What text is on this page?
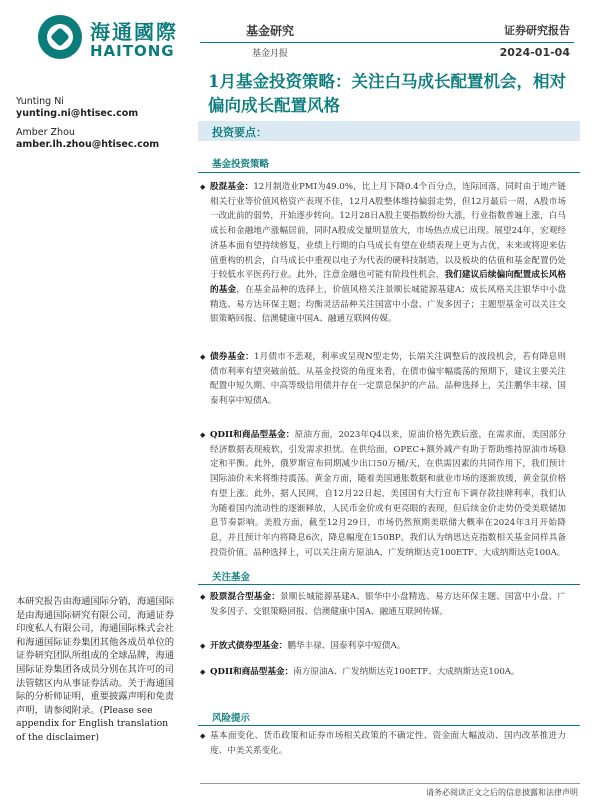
海通國際
HAITONG
基金研究
基金月报
证券研究报告
2024-01-04
1月基金投资策略：关注白马成长配置机会，相对偏向成长配置风格
Yunting Ni
yunting.ni@htisec.com
Amber Zhou
amber.lh.zhou@htisec.com
投资要点：
基金投资策略
◆ 股混基金：12月制造业PMI为49.0%，比上月下降0.4个百分点，连际回落，同时由于地产链相关行业等价值风格资产表现不佳，12月A股整体维持偏弱走势，但12月最后一周，A股市场一改此前的弱势，开始逐步转向。12月28日A股主要指数纷纷大涨，行业指数普遍上涨，白马成长和金融地产涨幅居前，同时A股成交量明显放大，市场热点成已出现。展望24年，宏观经济基本面有望持续修复，业绩上行期的白马成长有望在业绩表现上更为占优，未来或将迎来估值重构的机会，白马成长中重视以电子为代表的硬科技制造，以及板块的估值和基金配置仍处于较低水平医药行业。此外，注意金融也可能有阶段性机会，我们建议后续偏向配置成长风格的基金，在基金品种的选择上，价值风格关注景顺长城能源基建A；成长风格关注银华中小盘精选、易方达环保主题；均衡灵活品种关注国富中小盘、广发多因子；主题型基金可以关注交银策略回报、信澳健康中国A、融通互联网传媒。
◆ 债券基金：1月债市不悲观，利率或呈现N型走势，长端关注调整后的波段机会，若有降息则债市利率有望突破前低。从基金投资的角度来看，在债市偏牢幅震荡的预期下，建议主要关注配置中短久期、中高等级信用债并存在一定票息保护的产品。品种选择上，关注鹏华丰禄、国泰利享中短债A。
◆ QDII和商品型基金：原油方面，2023年Q4以来，原油价格先跌后涨，在需求面，美国部分经济数据表现疲软，引发需求担忧。在供给面，OPEC+额外减产有助于帮助维持原油市场稳定和平衡。此外，俄罗斯宣布同期减少出口50万桶/天，在供需因素的共同作用下，我们预计国际油价未来将维持震荡。黄金方面，随着美国通胀数据和就业市场的逐渐放缓，黄金氛价格有望上涨。此外，据人民网，自12月22日起，美国国有大行宣布下调存款挂牌利率，我们认为随着国内流动性的逐渐释放，人民币金价或有更亮眼的表现，但后续金价走势仍受美联储加息节奏影响。美股方面，截至12月29日，市场仍然预期美联储大概率在2024年3月开始降息，并且预计年内将降息6次，降息幅度在150BP。我们认为纳思达克指数相关基金同样具备投资价值。品种选择上，可以关注南方原油A、广发纳斯达克100ETF、大成纳斯达克100A。
关注基金
◆ 股票混合型基金：景顺长城能源基建A、银华中小盘精选、易方达环保主题、国富中小盘、广发多因子、交银策略回报、信澳健康中国A、融通互联网传媒。
◆ 开放式债券型基金：鹏华丰禄、国泰利享中短债A。
◆ QDII和商品型基金：南方原油A、广发纳斯达克100ETF、大成纳斯达克100A。
风险提示
◆ 基本面变化、货币政策和证券市场相关政策的不确定性、资金面大幅波动、国内改革推进力度、中美关系变化。
本研究报告由海通国际分销，海通国际是由海通国际研究有限公司，海通证券印度私人有限公司，海通国际株式会社和海通国际证券集团其他各成员单位的证券研究团队所组成的全球品牌，海通国际证券集团各成员分别在其许可的司法管辖区内从事证券活动。关于海通国际的分析师证明，重要披露声明和免责声明，请参阅附录。(Please see appendix for English translation of the disclaimer)
请务必阅读正文之后的信息披露和法律声明
